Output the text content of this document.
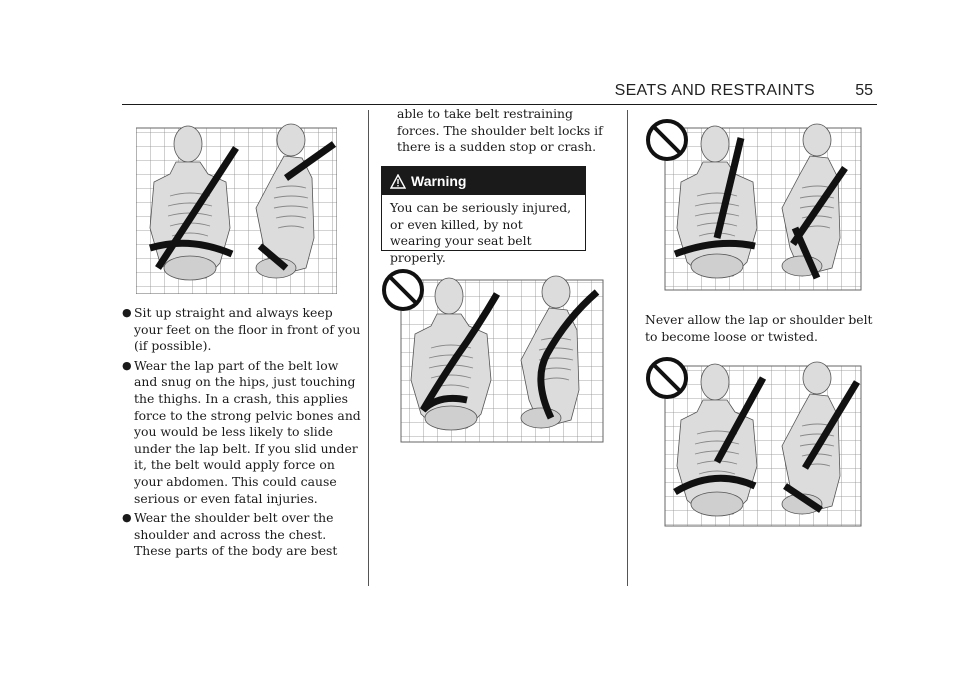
SEATS AND RESTRAINTS	55
● Sit up straight and always keep your feet on the floor in front of you (if possible).
● Wear the lap part of the belt low and snug on the hips, just touching the thighs. In a crash, this applies force to the strong pelvic bones and you would be less likely to slide under the lap belt. If you slid under it, the belt would apply force on your abdomen. This could cause serious or even fatal injuries.
● Wear the shoulder belt over the shoulder and across the chest. These parts of the body are best
able to take belt restraining forces. The shoulder belt locks if there is a sudden stop or crash.
Warning
You can be seriously injured, or even killed, by not wearing your seat belt properly.
Never allow the lap or shoulder belt to become loose or twisted.
